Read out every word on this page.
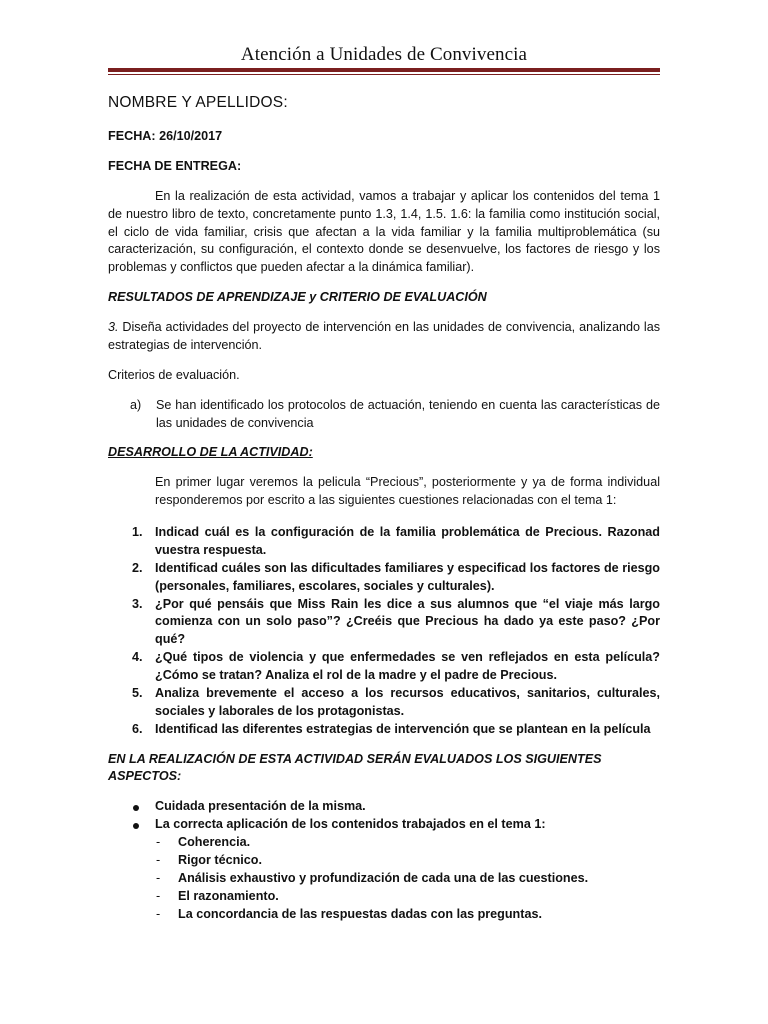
Atención a Unidades de Convivencia
NOMBRE Y APELLIDOS:
FECHA: 26/10/2017
FECHA DE ENTREGA:
En la realización de esta actividad, vamos a trabajar y aplicar los contenidos del tema 1 de nuestro libro de texto, concretamente punto 1.3, 1.4, 1.5. 1.6: la familia como institución social, el ciclo de vida familiar, crisis que afectan a la vida familiar y la familia multiproblemática (su caracterización, su configuración, el contexto donde se desenvuelve, los factores de riesgo y los problemas y conflictos que pueden afectar a la dinámica familiar).
RESULTADOS DE APRENDIZAJE y CRITERIO DE EVALUACIÓN
3. Diseña actividades del proyecto de intervención en las unidades de convivencia, analizando las estrategias de intervención.
Criterios de evaluación.
a) Se han identificado los protocolos de actuación, teniendo en cuenta las características de las unidades de convivencia
DESARROLLO DE LA ACTIVIDAD:
En primer lugar veremos la pelicula “Precious”, posteriormente y ya de forma individual responderemos por escrito a las siguientes cuestiones relacionadas con el tema 1:
1. Indicad cuál es la configuración de la familia problemática de Precious. Razonad vuestra respuesta.
2. Identificad cuáles son las dificultades familiares y especificad los factores de riesgo (personales, familiares, escolares, sociales y culturales).
3. ¿Por qué pensáis que Miss Rain les dice a sus alumnos que “el viaje más largo comienza con un solo paso”? ¿Creéis que Precious ha dado ya este paso? ¿Por qué?
4. ¿Qué tipos de violencia y que enfermedades se ven reflejados en esta película? ¿Cómo se tratan? Analiza el rol de la madre y el padre de Precious.
5. Analiza brevemente el acceso a los recursos educativos, sanitarios, culturales, sociales y laborales de los protagonistas.
6. Identificad las diferentes estrategias de intervención que se plantean en la película
EN LA REALIZACIÓN DE ESTA ACTIVIDAD SERÁN EVALUADOS LOS SIGUIENTES ASPECTOS:
Cuidada presentación de la misma.
La correcta aplicación de los contenidos trabajados en el tema 1:
- Coherencia.
- Rigor técnico.
- Análisis exhaustivo y profundización de cada una de las cuestiones.
- El razonamiento.
- La concordancia de las respuestas dadas con las preguntas.
